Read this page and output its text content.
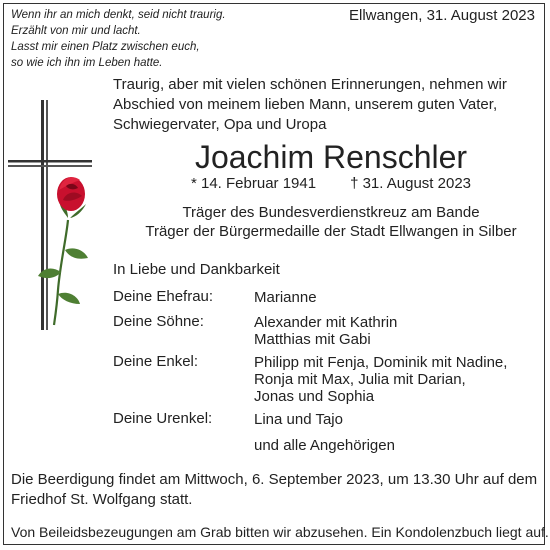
Wenn ihr an mich denkt, seid nicht traurig.
Erzählt von mir und lacht.
Lasst mir einen Platz zwischen euch,
so wie ich ihn im Leben hatte.
Ellwangen, 31. August 2023
Traurig, aber mit vielen schönen Erinnerungen, nehmen wir
Abschied von meinem lieben Mann, unserem guten Vater,
Schwiegervater, Opa und Uropa
Joachim Renschler
* 14. Februar 1941 † 31. August 2023
Träger des Bundesverdienstkreuz am Bande
Träger der Bürgermedaille der Stadt Ellwangen in Silber
In Liebe und Dankbarkeit
Deine Ehefrau:	Marianne
Deine Söhne:	Alexander mit Kathrin
Matthias mit Gabi
Deine Enkel:	Philipp mit Fenja, Dominik mit Nadine,
Ronja mit Max, Julia mit Darian,
Jonas und Sophia
Deine Urenkel:	Lina und Tajo
und alle Angehörigen
Die Beerdigung findet am Mittwoch, 6. September 2023, um 13.30 Uhr auf dem
Friedhof St. Wolfgang statt.
Von Beileidsbezeugungen am Grab bitten wir abzusehen. Ein Kondolenzbuch liegt auf.
